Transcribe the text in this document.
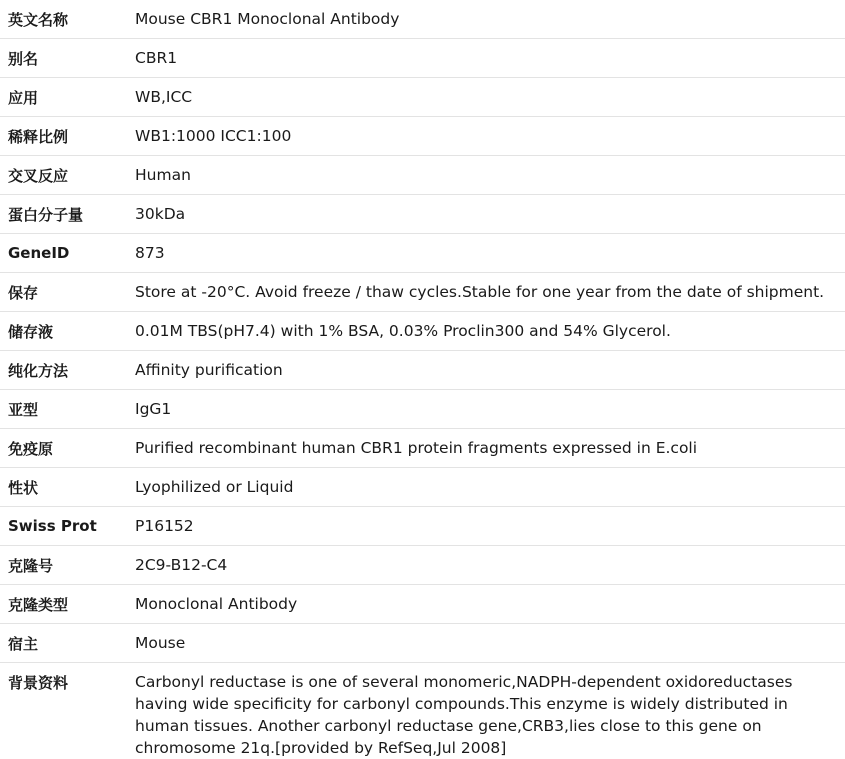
英文名称	Mouse CBR1 Monoclonal Antibody
别名	CBR1
应用	WB,ICC
稀释比例	WB1:1000 ICC1:100
交叉反应	Human
蛋白分子量	30kDa
GeneID	873
保存	Store at -20°C. Avoid freeze / thaw cycles.Stable for one year from the date of shipment.
储存液	0.01M TBS(pH7.4) with 1% BSA, 0.03% Proclin300 and 54% Glycerol.
纯化方法	Affinity purification
亚型	IgG1
免疫原	Purified recombinant human CBR1 protein fragments expressed in E.coli
性状	Lyophilized or Liquid
Swiss Prot	P16152
克隆号	2C9-B12-C4
克隆类型	Monoclonal Antibody
宿主	Mouse
背景资料	Carbonyl reductase is one of several monomeric,NADPH-dependent oxidoreductases having wide specificity for carbonyl compounds.This enzyme is widely distributed in human tissues. Another carbonyl reductase gene,CRB3,lies close to this gene on chromosome 21q.[provided by RefSeq,Jul 2008]
